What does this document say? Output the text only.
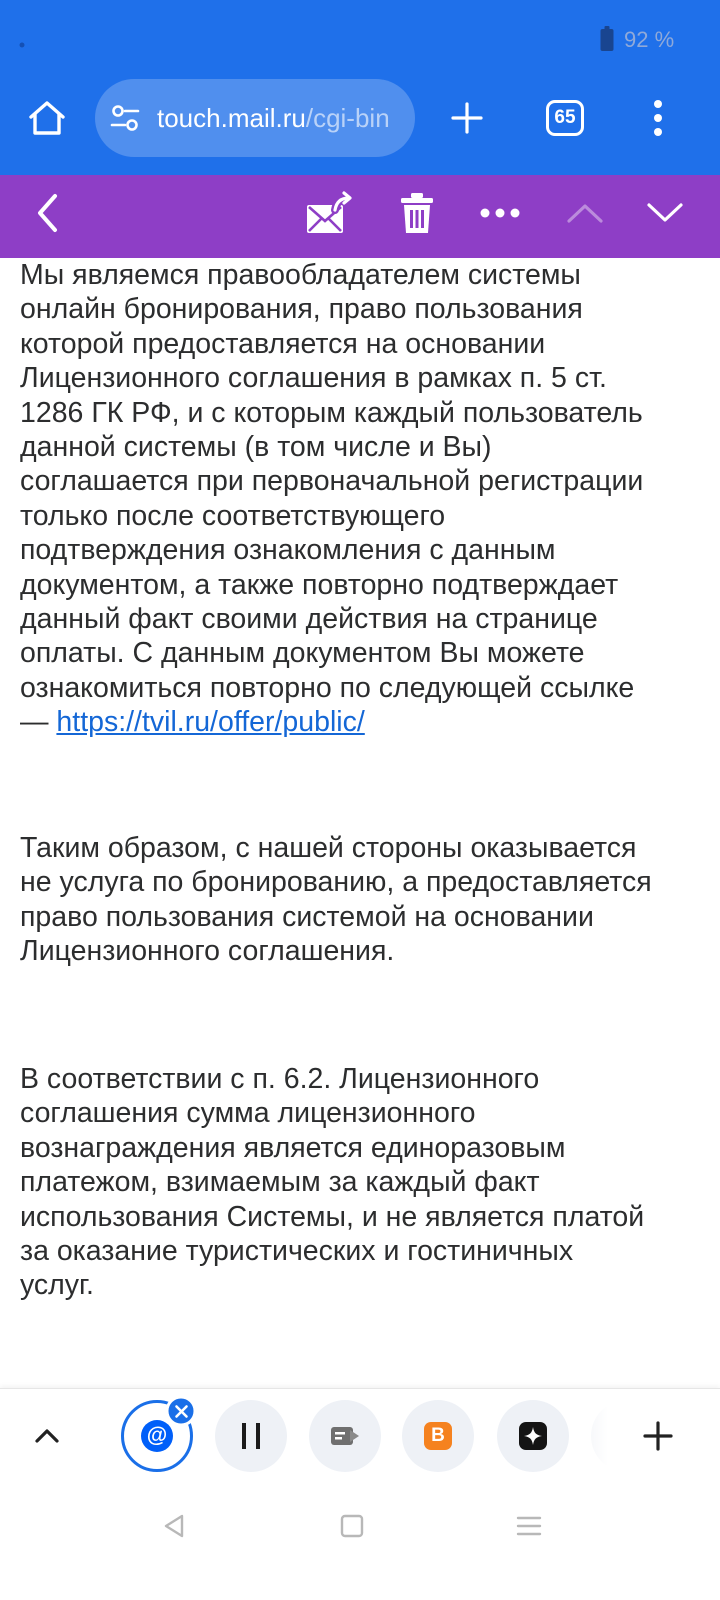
Мы являемся правообладателем системы
онлайн бронирования, право пользования
которой предоставляется на основании
Лицензионного соглашения в рамках п. 5 ст.
1286 ГК РФ, и с которым каждый пользователь
данной системы (в том числе и Вы)
соглашается при первоначальной регистрации
только после соответствующего
подтверждения ознакомления с данным
документом, а также повторно подтверждает
данный факт своими действия на странице
оплаты. С данным документом Вы можете
ознакомиться повторно по следующей ссылке
— https://tvil.ru/offer/public/
Таким образом, с нашей стороны оказывается
не услуга по бронированию, а предоставляется
право пользования системой на основании
Лицензионного соглашения.
В соответствии с п. 6.2. Лицензионного
соглашения сумма лицензионного
вознаграждения является единоразовым
платежом, взимаемым за каждый факт
использования Системы, и не является платой
за оказание туристических и гостиничных
услуг.
92 %
touch.mail.ru/cgi-bin	65
@	B
